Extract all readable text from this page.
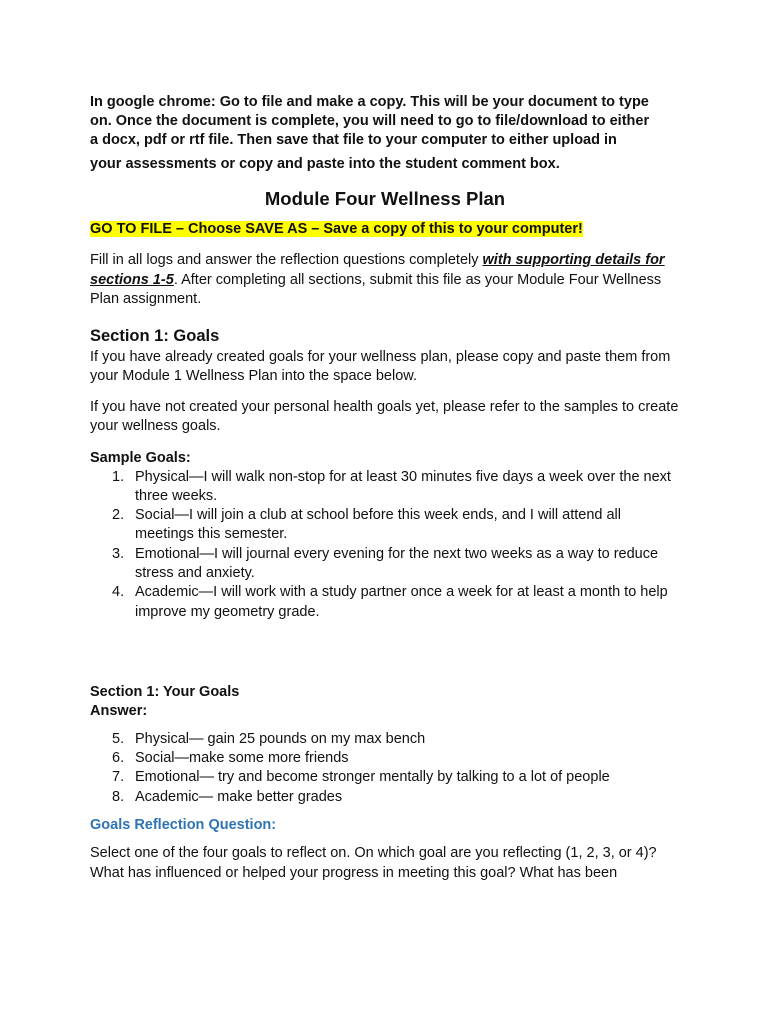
In google chrome: Go to file and make a copy. This will be your document to type
on. Once the document is complete, you will need to go to file/download to either
a docx, pdf or rtf file. Then save that file to your computer to either upload in
your assessments or copy and paste into the student comment box.

Module Four Wellness Plan
GO TO FILE – Choose SAVE AS – Save a copy of this to your computer!

Fill in all logs and answer the reflection questions completely with supporting details for sections 1-5. After completing all sections, submit this file as your Module Four Wellness Plan assignment.

Section 1: Goals

If you have already created goals for your wellness plan, please copy and paste them from your Module 1 Wellness Plan into the space below.

If you have not created your personal health goals yet, please refer to the samples to create your wellness goals.

Sample Goals:
1. Physical—I will walk non-stop for at least 30 minutes five days a week over the next three weeks.
2. Social—I will join a club at school before this week ends, and I will attend all meetings this semester.
3. Emotional—I will journal every evening for the next two weeks as a way to reduce stress and anxiety.
4. Academic—I will work with a study partner once a week for at least a month to help improve my geometry grade.
Section 1: Your Goals
Answer:
5. Physical— gain 25 pounds on my max bench
6. Social—make some more friends
7. Emotional— try and become stronger mentally by talking to a lot of people
8. Academic— make better grades
Goals Reflection Question:

Select one of the four goals to reflect on. On which goal are you reflecting (1, 2, 3, or 4)? What has influenced or helped your progress in meeting this goal? What has been
